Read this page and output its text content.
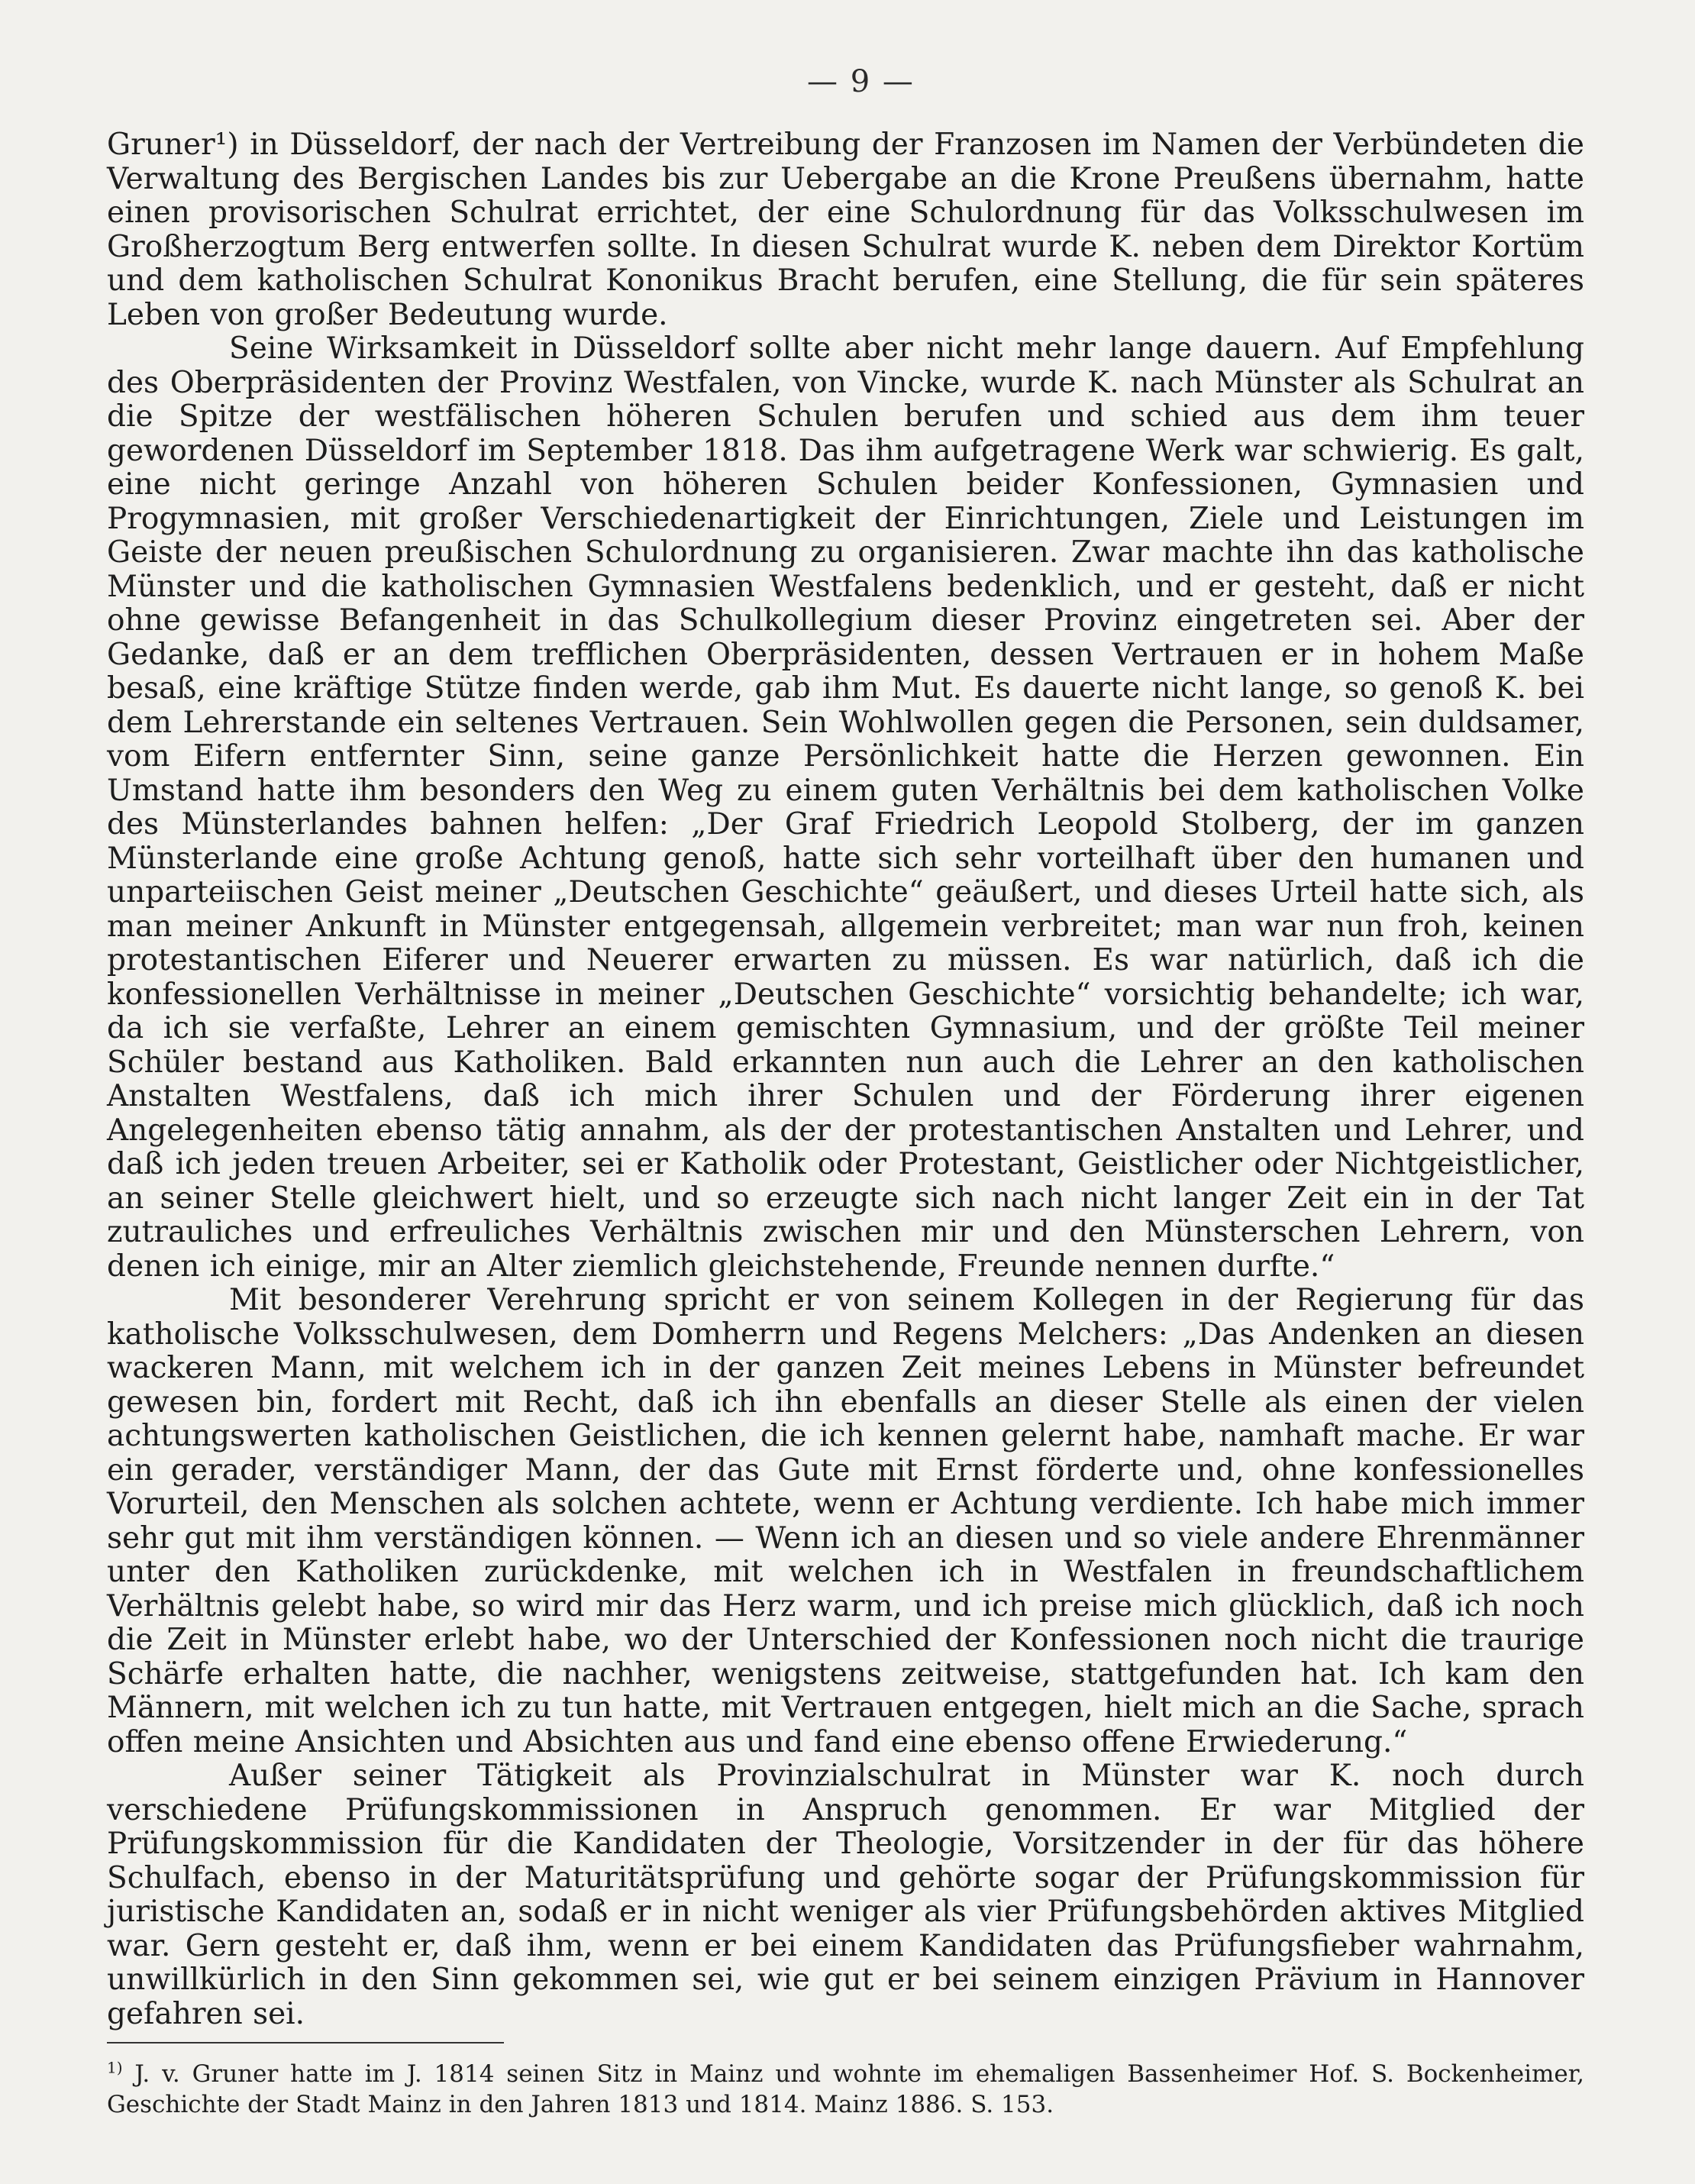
— 9 —

Gruner¹) in Düsseldorf, der nach der Vertreibung der Franzosen im Namen der Verbündeten die Verwaltung des Bergischen Landes bis zur Uebergabe an die Krone Preußens übernahm, hatte einen provisorischen Schulrat errichtet, der eine Schulordnung für das Volksschulwesen im Großherzogtum Berg entwerfen sollte. In diesen Schulrat wurde K. neben dem Direktor Kortüm und dem katholischen Schulrat Kononikus Bracht berufen, eine Stellung, die für sein späteres Leben von großer Bedeutung wurde.

Seine Wirksamkeit in Düsseldorf sollte aber nicht mehr lange dauern. Auf Empfehlung des Oberpräsidenten der Provinz Westfalen, von Vincke, wurde K. nach Münster als Schulrat an die Spitze der westfälischen höheren Schulen berufen und schied aus dem ihm teuer gewordenen Düsseldorf im September 1818. Das ihm aufgetragene Werk war schwierig. Es galt, eine nicht geringe Anzahl von höheren Schulen beider Konfessionen, Gymnasien und Progymnasien, mit großer Verschiedenartigkeit der Einrichtungen, Ziele und Leistungen im Geiste der neuen preußischen Schulordnung zu organisieren. Zwar machte ihn das katholische Münster und die katholischen Gymnasien Westfalens bedenklich, und er gesteht, daß er nicht ohne gewisse Befangenheit in das Schulkollegium dieser Provinz eingetreten sei. Aber der Gedanke, daß er an dem trefflichen Oberpräsidenten, dessen Vertrauen er in hohem Maße besaß, eine kräftige Stütze finden werde, gab ihm Mut. Es dauerte nicht lange, so genoß K. bei dem Lehrerstande ein seltenes Vertrauen. Sein Wohlwollen gegen die Personen, sein duldsamer, vom Eifern entfernter Sinn, seine ganze Persönlichkeit hatte die Herzen gewonnen. Ein Umstand hatte ihm besonders den Weg zu einem guten Verhältnis bei dem katholischen Volke des Münsterlandes bahnen helfen: „Der Graf Friedrich Leopold Stolberg, der im ganzen Münsterlande eine große Achtung genoß, hatte sich sehr vorteilhaft über den humanen und unparteiischen Geist meiner „Deutschen Geschichte“ geäußert, und dieses Urteil hatte sich, als man meiner Ankunft in Münster entgegensah, allgemein verbreitet; man war nun froh, keinen protestantischen Eiferer und Neuerer erwarten zu müssen. Es war natürlich, daß ich die konfessionellen Verhältnisse in meiner „Deutschen Geschichte“ vorsichtig behandelte; ich war, da ich sie verfaßte, Lehrer an einem gemischten Gymnasium, und der größte Teil meiner Schüler bestand aus Katholiken. Bald erkannten nun auch die Lehrer an den katholischen Anstalten Westfalens, daß ich mich ihrer Schulen und der Förderung ihrer eigenen Angelegenheiten ebenso tätig annahm, als der der protestantischen Anstalten und Lehrer, und daß ich jeden treuen Arbeiter, sei er Katholik oder Protestant, Geistlicher oder Nichtgeistlicher, an seiner Stelle gleichwert hielt, und so erzeugte sich nach nicht langer Zeit ein in der Tat zutrauliches und erfreuliches Verhältnis zwischen mir und den Münsterschen Lehrern, von denen ich einige, mir an Alter ziemlich gleichstehende, Freunde nennen durfte.“

Mit besonderer Verehrung spricht er von seinem Kollegen in der Regierung für das katholische Volksschulwesen, dem Domherrn und Regens Melchers: „Das Andenken an diesen wackeren Mann, mit welchem ich in der ganzen Zeit meines Lebens in Münster befreundet gewesen bin, fordert mit Recht, daß ich ihn ebenfalls an dieser Stelle als einen der vielen achtungswerten katholischen Geistlichen, die ich kennen gelernt habe, namhaft mache. Er war ein gerader, verständiger Mann, der das Gute mit Ernst förderte und, ohne konfessionelles Vorurteil, den Menschen als solchen achtete, wenn er Achtung verdiente. Ich habe mich immer sehr gut mit ihm verständigen können. — Wenn ich an diesen und so viele andere Ehrenmänner unter den Katholiken zurückdenke, mit welchen ich in Westfalen in freundschaftlichem Verhältnis gelebt habe, so wird mir das Herz warm, und ich preise mich glücklich, daß ich noch die Zeit in Münster erlebt habe, wo der Unterschied der Konfessionen noch nicht die traurige Schärfe erhalten hatte, die nachher, wenigstens zeitweise, stattgefunden hat. Ich kam den Männern, mit welchen ich zu tun hatte, mit Vertrauen entgegen, hielt mich an die Sache, sprach offen meine Ansichten und Absichten aus und fand eine ebenso offene Erwiederung.“

Außer seiner Tätigkeit als Provinzialschulrat in Münster war K. noch durch verschiedene Prüfungskommissionen in Anspruch genommen. Er war Mitglied der Prüfungskommission für die Kandidaten der Theologie, Vorsitzender in der für das höhere Schulfach, ebenso in der Maturitätsprüfung und gehörte sogar der Prüfungskommission für juristische Kandidaten an, sodaß er in nicht weniger als vier Prüfungsbehörden aktives Mitglied war. Gern gesteht er, daß ihm, wenn er bei einem Kandidaten das Prüfungsfieber wahrnahm, unwillkürlich in den Sinn gekommen sei, wie gut er bei seinem einzigen Prävium in Hannover gefahren sei.

$^{1)}$ J. v. Gruner hatte im J. 1814 seinen Sitz in Mainz und wohnte im ehemaligen Bassenheimer Hof. S. Bockenheimer, Geschichte der Stadt Mainz in den Jahren 1813 und 1814. Mainz 1886. S. 153.
